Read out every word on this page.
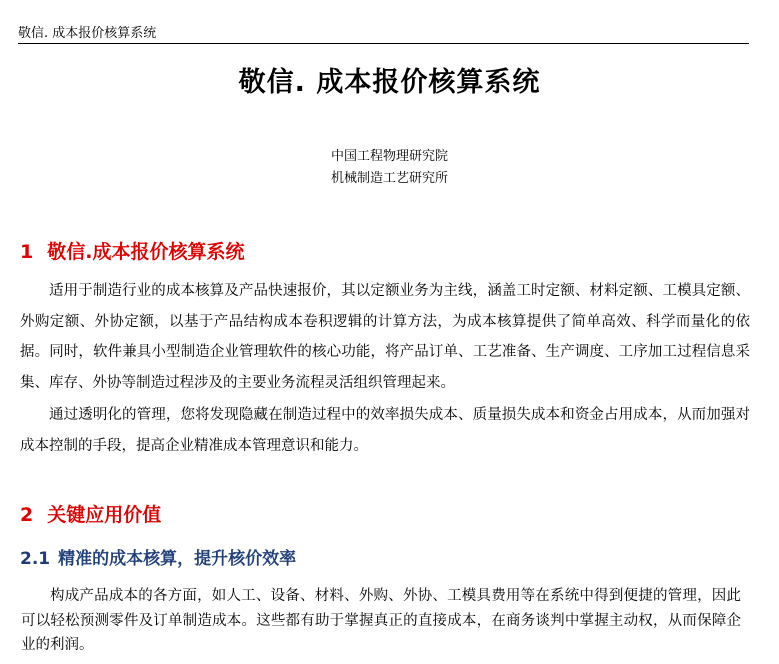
敬信. 成本报价核算系统
敬信. 成本报价核算系统
中国工程物理研究院
机械制造工艺研究所
1 敬信.成本报价核算系统
适用于制造行业的成本核算及产品快速报价，其以定额业务为主线，涵盖工时定额、材料定额、工模具定额、外购定额、外协定额，以基于产品结构成本卷积逻辑的计算方法，为成本核算提供了简单高效、科学而量化的依据。同时，软件兼具小型制造企业管理软件的核心功能，将产品订单、工艺准备、生产调度、工序加工过程信息采集、库存、外协等制造过程涉及的主要业务流程灵活组织管理起来。
通过透明化的管理，您将发现隐藏在制造过程中的效率损失成本、质量损失成本和资金占用成本，从而加强对成本控制的手段，提高企业精准成本管理意识和能力。
2 关键应用价值
2.1 精准的成本核算，提升核价效率
构成产品成本的各方面，如人工、设备、材料、外购、外协、工模具费用等在系统中得到便捷的管理，因此可以轻松预测零件及订单制造成本。这些都有助于掌握真正的直接成本，在商务谈判中掌握主动权，从而保障企业的利润。
